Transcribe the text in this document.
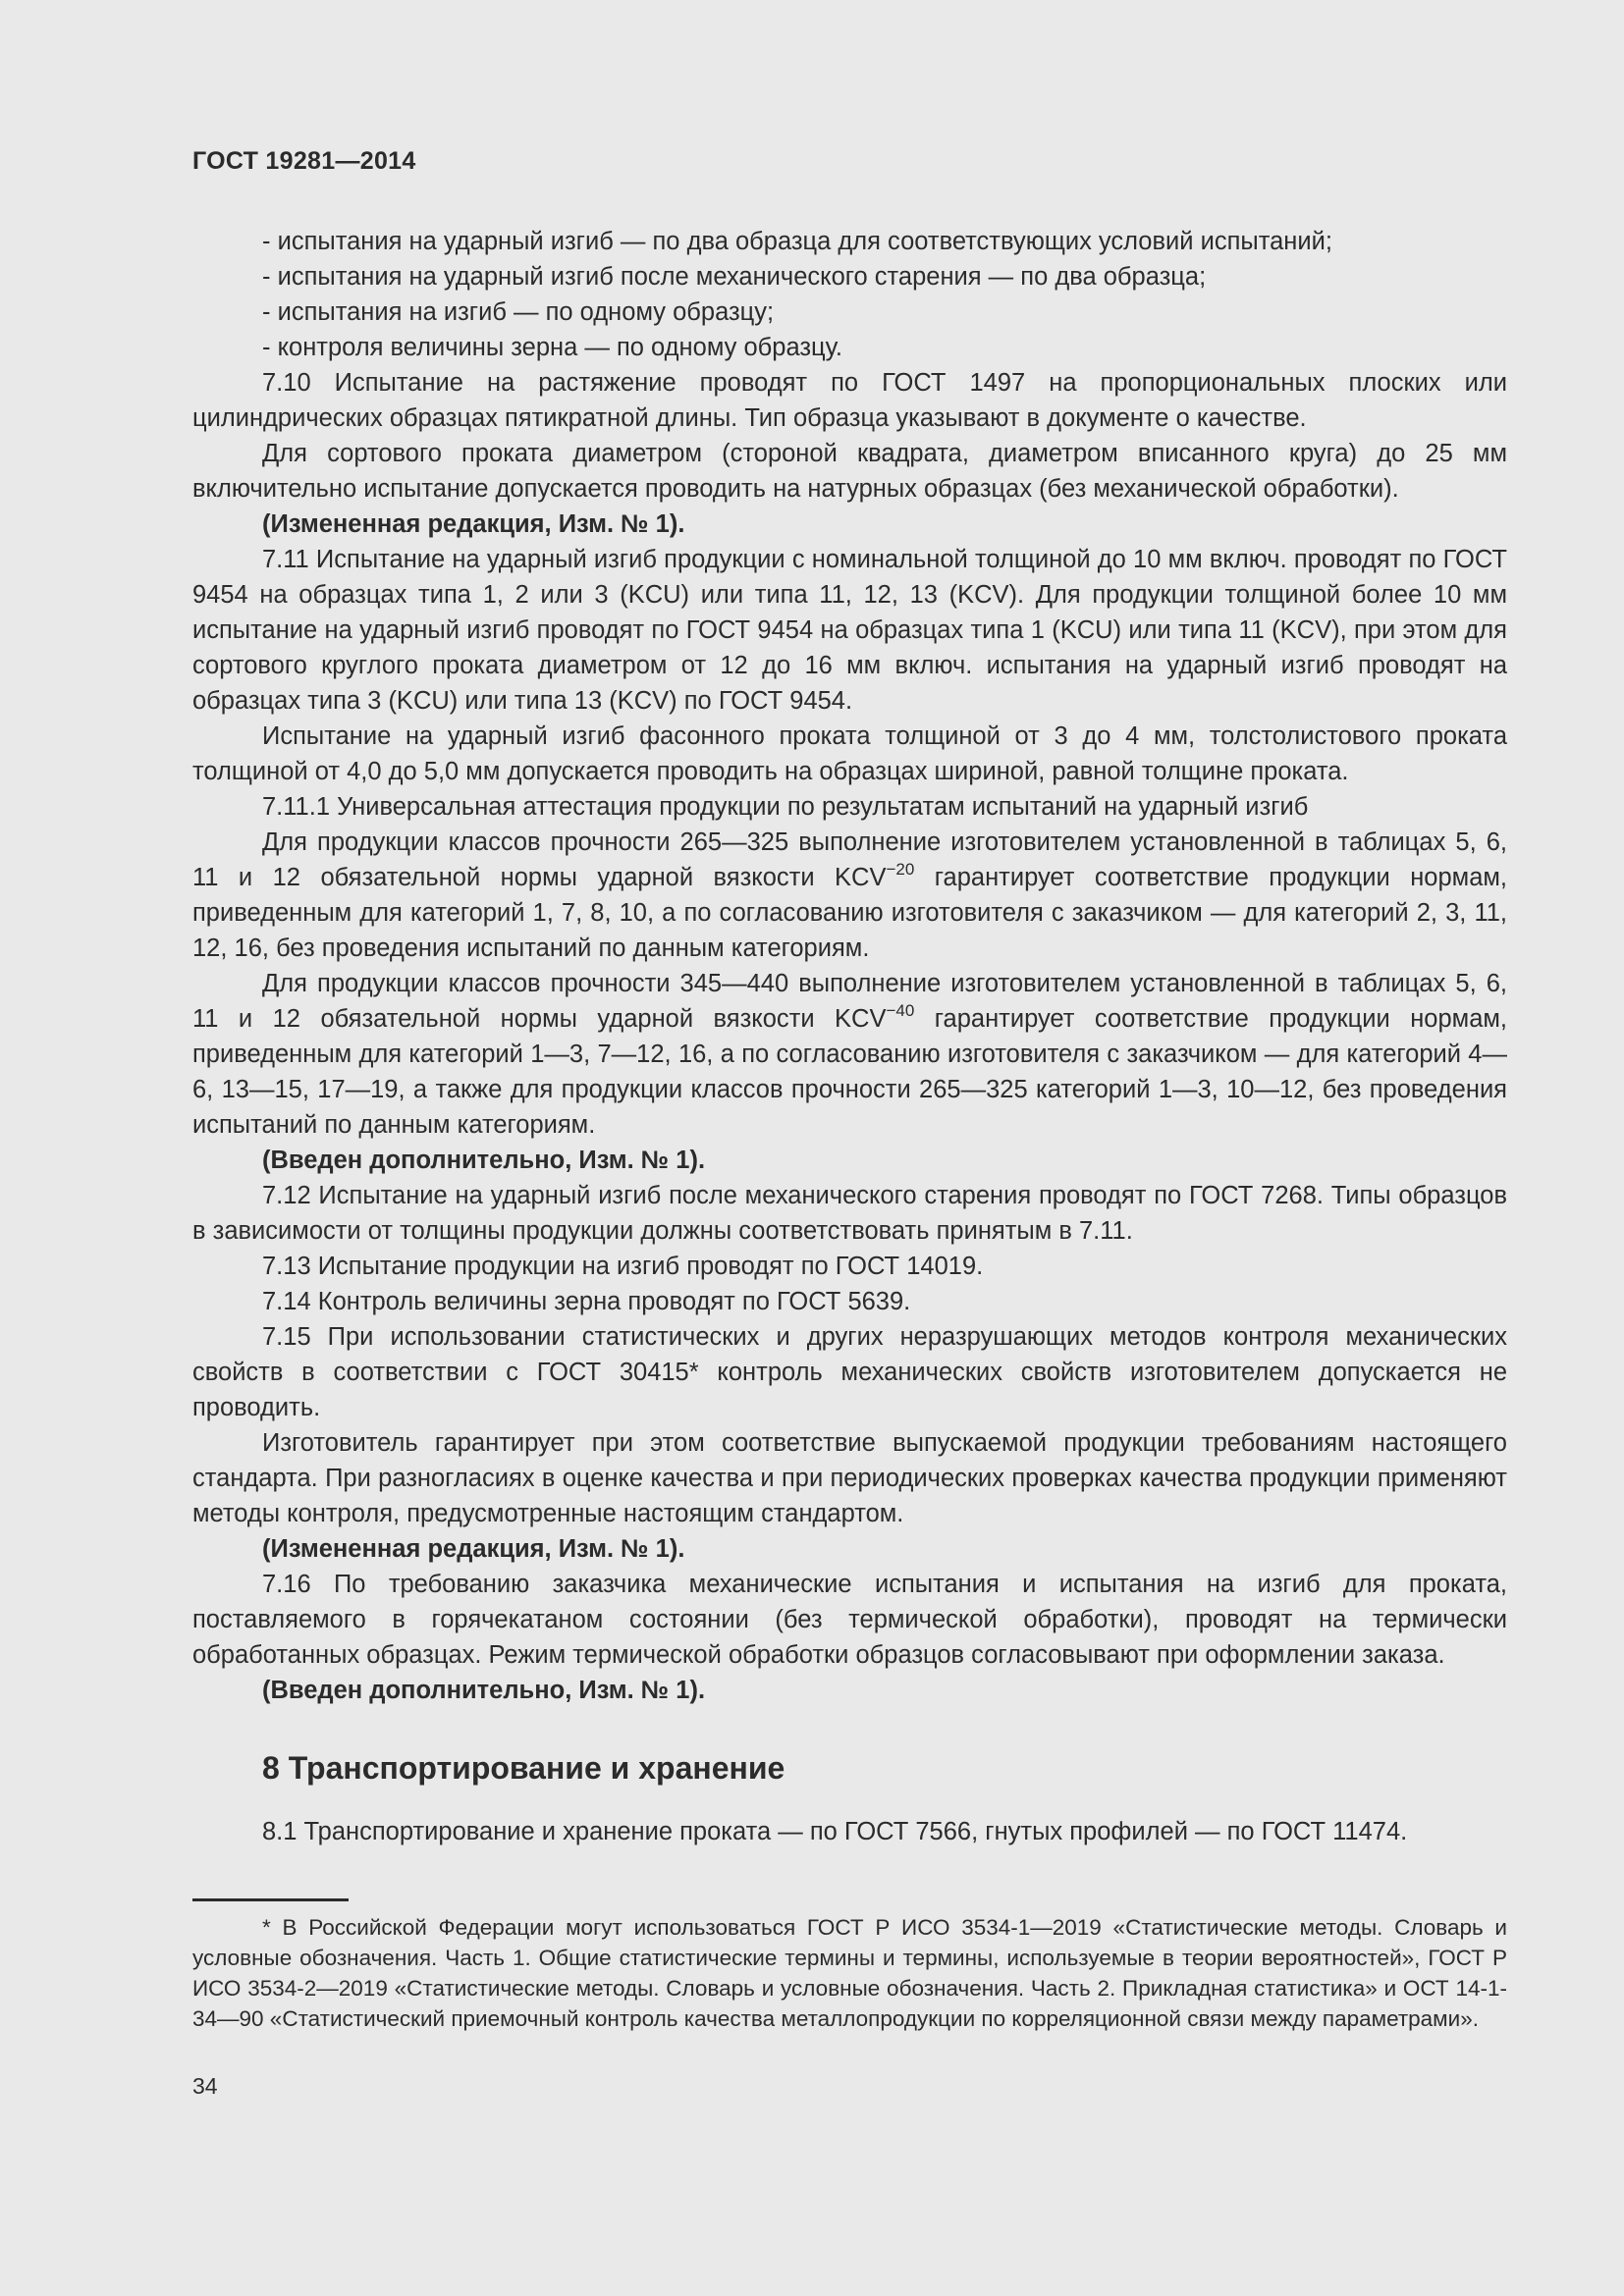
ГОСТ 19281—2014

- испытания на ударный изгиб — по два образца для соответствующих условий испытаний;

- испытания на ударный изгиб после механического старения — по два образца;

- испытания на изгиб — по одному образцу;

- контроля величины зерна — по одному образцу.

7.10 Испытание на растяжение проводят по ГОСТ 1497 на пропорциональных плоских или цилиндрических образцах пятикратной длины. Тип образца указывают в документе о качестве.

Для сортового проката диаметром (стороной квадрата, диаметром вписанного круга) до 25 мм включительно испытание допускается проводить на натурных образцах (без механической обработки).

(Измененная редакция, Изм. № 1).

7.11 Испытание на ударный изгиб продукции с номинальной толщиной до 10 мм включ. проводят по ГОСТ 9454 на образцах типа 1, 2 или 3 (KCU) или типа 11, 12, 13 (KCV). Для продукции толщиной более 10 мм испытание на ударный изгиб проводят по ГОСТ 9454 на образцах типа 1 (KCU) или типа 11 (KCV), при этом для сортового круглого проката диаметром от 12 до 16 мм включ. испытания на ударный изгиб проводят на образцах типа 3 (KCU) или типа 13 (KCV) по ГОСТ 9454.

Испытание на ударный изгиб фасонного проката толщиной от 3 до 4 мм, толстолистового проката толщиной от 4,0 до 5,0 мм допускается проводить на образцах шириной, равной толщине проката.

7.11.1 Универсальная аттестация продукции по результатам испытаний на ударный изгиб

Для продукции классов прочности 265—325 выполнение изготовителем установленной в таблицах 5, 6, 11 и 12 обязательной нормы ударной вязкости $KCV^{-20}$ гарантирует соответствие продукции нормам, приведенным для категорий 1, 7, 8, 10, а по согласованию изготовителя с заказчиком — для категорий 2, 3, 11, 12, 16, без проведения испытаний по данным категориям.

Для продукции классов прочности 345—440 выполнение изготовителем установленной в таблицах 5, 6, 11 и 12 обязательной нормы ударной вязкости $KCV^{-40}$ гарантирует соответствие продукции нормам, приведенным для категорий 1—3, 7—12, 16, а по согласованию изготовителя с заказчиком — для категорий 4—6, 13—15, 17—19, а также для продукции классов прочности 265—325 категорий 1—3, 10—12, без проведения испытаний по данным категориям.

(Введен дополнительно, Изм. № 1).

7.12 Испытание на ударный изгиб после механического старения проводят по ГОСТ 7268. Типы образцов в зависимости от толщины продукции должны соответствовать принятым в 7.11.

7.13 Испытание продукции на изгиб проводят по ГОСТ 14019.

7.14 Контроль величины зерна проводят по ГОСТ 5639.

7.15 При использовании статистических и других неразрушающих методов контроля механических свойств в соответствии с ГОСТ 30415* контроль механических свойств изготовителем допускается не проводить.

Изготовитель гарантирует при этом соответствие выпускаемой продукции требованиям настоящего стандарта. При разногласиях в оценке качества и при периодических проверках качества продукции применяют методы контроля, предусмотренные настоящим стандартом.

(Измененная редакция, Изм. № 1).

7.16 По требованию заказчика механические испытания и испытания на изгиб для проката, поставляемого в горячекатаном состоянии (без термической обработки), проводят на термически обработанных образцах. Режим термической обработки образцов согласовывают при оформлении заказа.

(Введен дополнительно, Изм. № 1).

8 Транспортирование и хранение

8.1 Транспортирование и хранение проката — по ГОСТ 7566, гнутых профилей — по ГОСТ 11474.

* В Российской Федерации могут использоваться ГОСТ Р ИСО 3534-1—2019 «Статистические методы. Словарь и условные обозначения. Часть 1. Общие статистические термины и термины, используемые в теории вероятностей», ГОСТ Р ИСО 3534-2—2019 «Статистические методы. Словарь и условные обозначения. Часть 2. Прикладная статистика» и ОСТ 14-1-34—90 «Статистический приемочный контроль качества металлопродукции по корреляционной связи между параметрами».

34
